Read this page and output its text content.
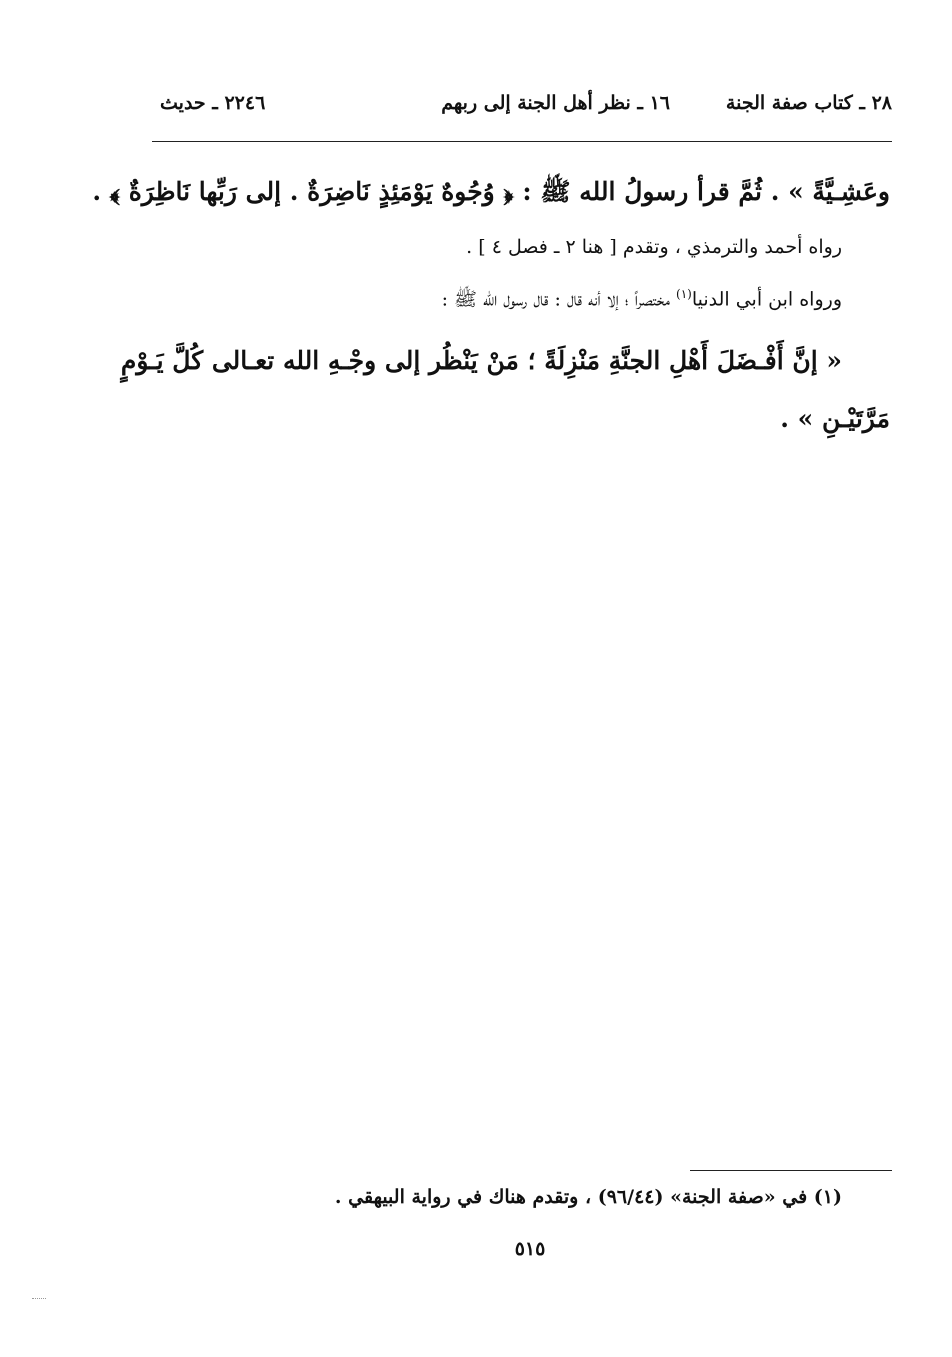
٢٨ ـ كتاب صفة الجنة
١٦ ـ نظر أهل الجنة إلى ربهم
٢٢٤٦ ـ حديث
وعَشِـيَّةً » . ثُمَّ قرأ رسولُ الله ﷺ : ﴿ وُجُوهٌ يَوْمَئِذٍ نَاضِرَةٌ . إلى رَبِّها نَاظِرَةٌ ﴾ .
رواه أحمد والترمذي ، وتقدم [ هنا ٢ ـ فصل ٤ ] .
ورواه ابن أبي الدنيا$^{(١)}$ مختصراً ؛ إلا أنه قال : قال رسول الله ﷺ :
« إنَّ أَفْـضَلَ أَهْلِ الجنَّةِ مَنْزِلَةً ؛ مَنْ يَنْظُر إلى وجْـهِ الله تعـالى كُلَّ يَـوْمٍ
مَرَّتَيْـنِ » .
(١) في «صفة الجنة» (٩٦/٤٤) ، وتقدم هناك في رواية البيهقي .
٥١٥
